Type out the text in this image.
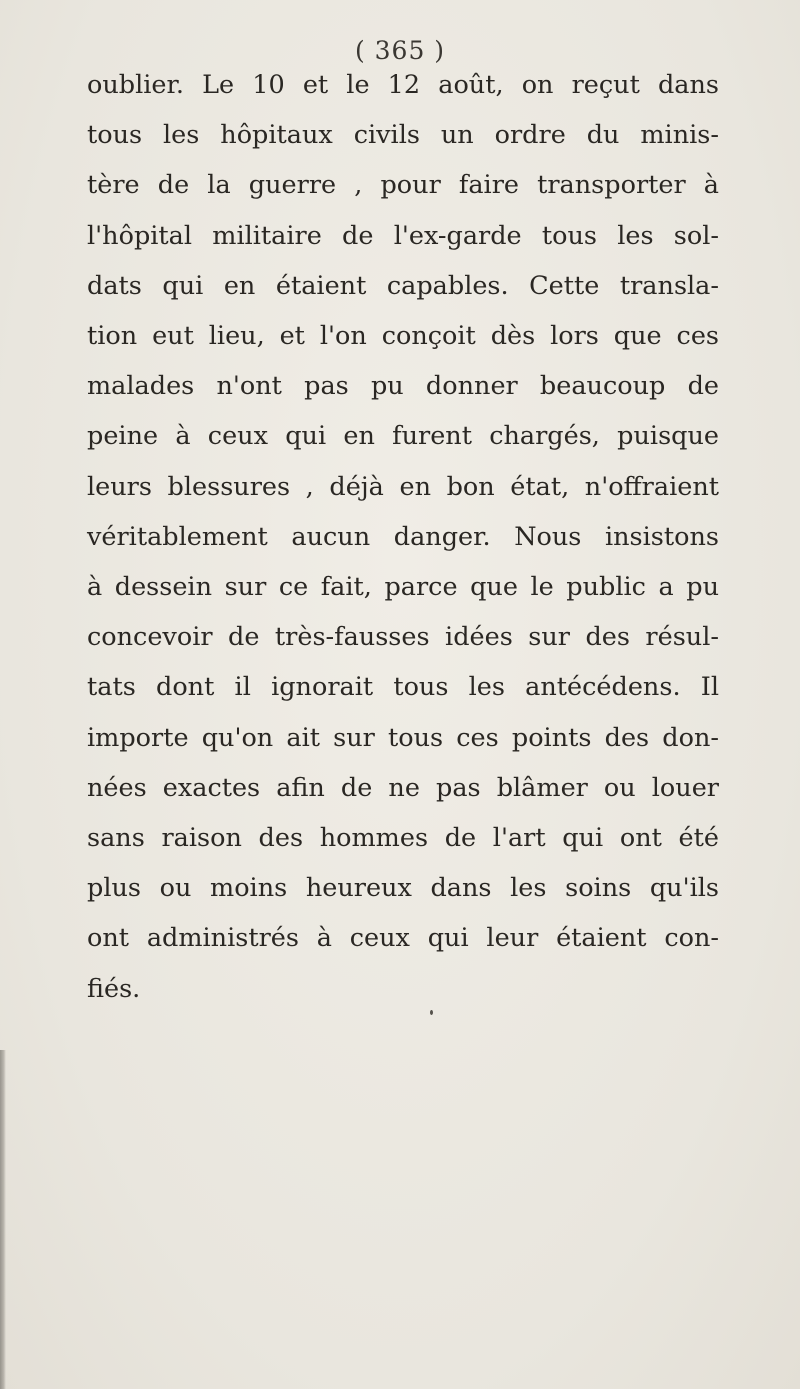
( 365 )

oublier. Le 10 et le 12 août, on reçut dans
tous les hôpitaux civils un ordre du minis-
tère de la guerre , pour faire transporter à
l'hôpital militaire de l'ex-garde tous les sol-
dats qui en étaient capables. Cette transla-
tion eut lieu, et l'on conçoit dès lors que ces
malades n'ont pas pu donner beaucoup de
peine à ceux qui en furent chargés, puisque
leurs blessures , déjà en bon état, n'offraient
véritablement aucun danger. Nous insistons
à dessein sur ce fait, parce que le public a pu
concevoir de très-fausses idées sur des résul-
tats dont il ignorait tous les antécédens. Il
importe qu'on ait sur tous ces points des don-
nées exactes afin de ne pas blâmer ou louer
sans raison des hommes de l'art qui ont été
plus ou moins heureux dans les soins qu'ils
ont administrés à ceux qui leur étaient con-
fiés.
